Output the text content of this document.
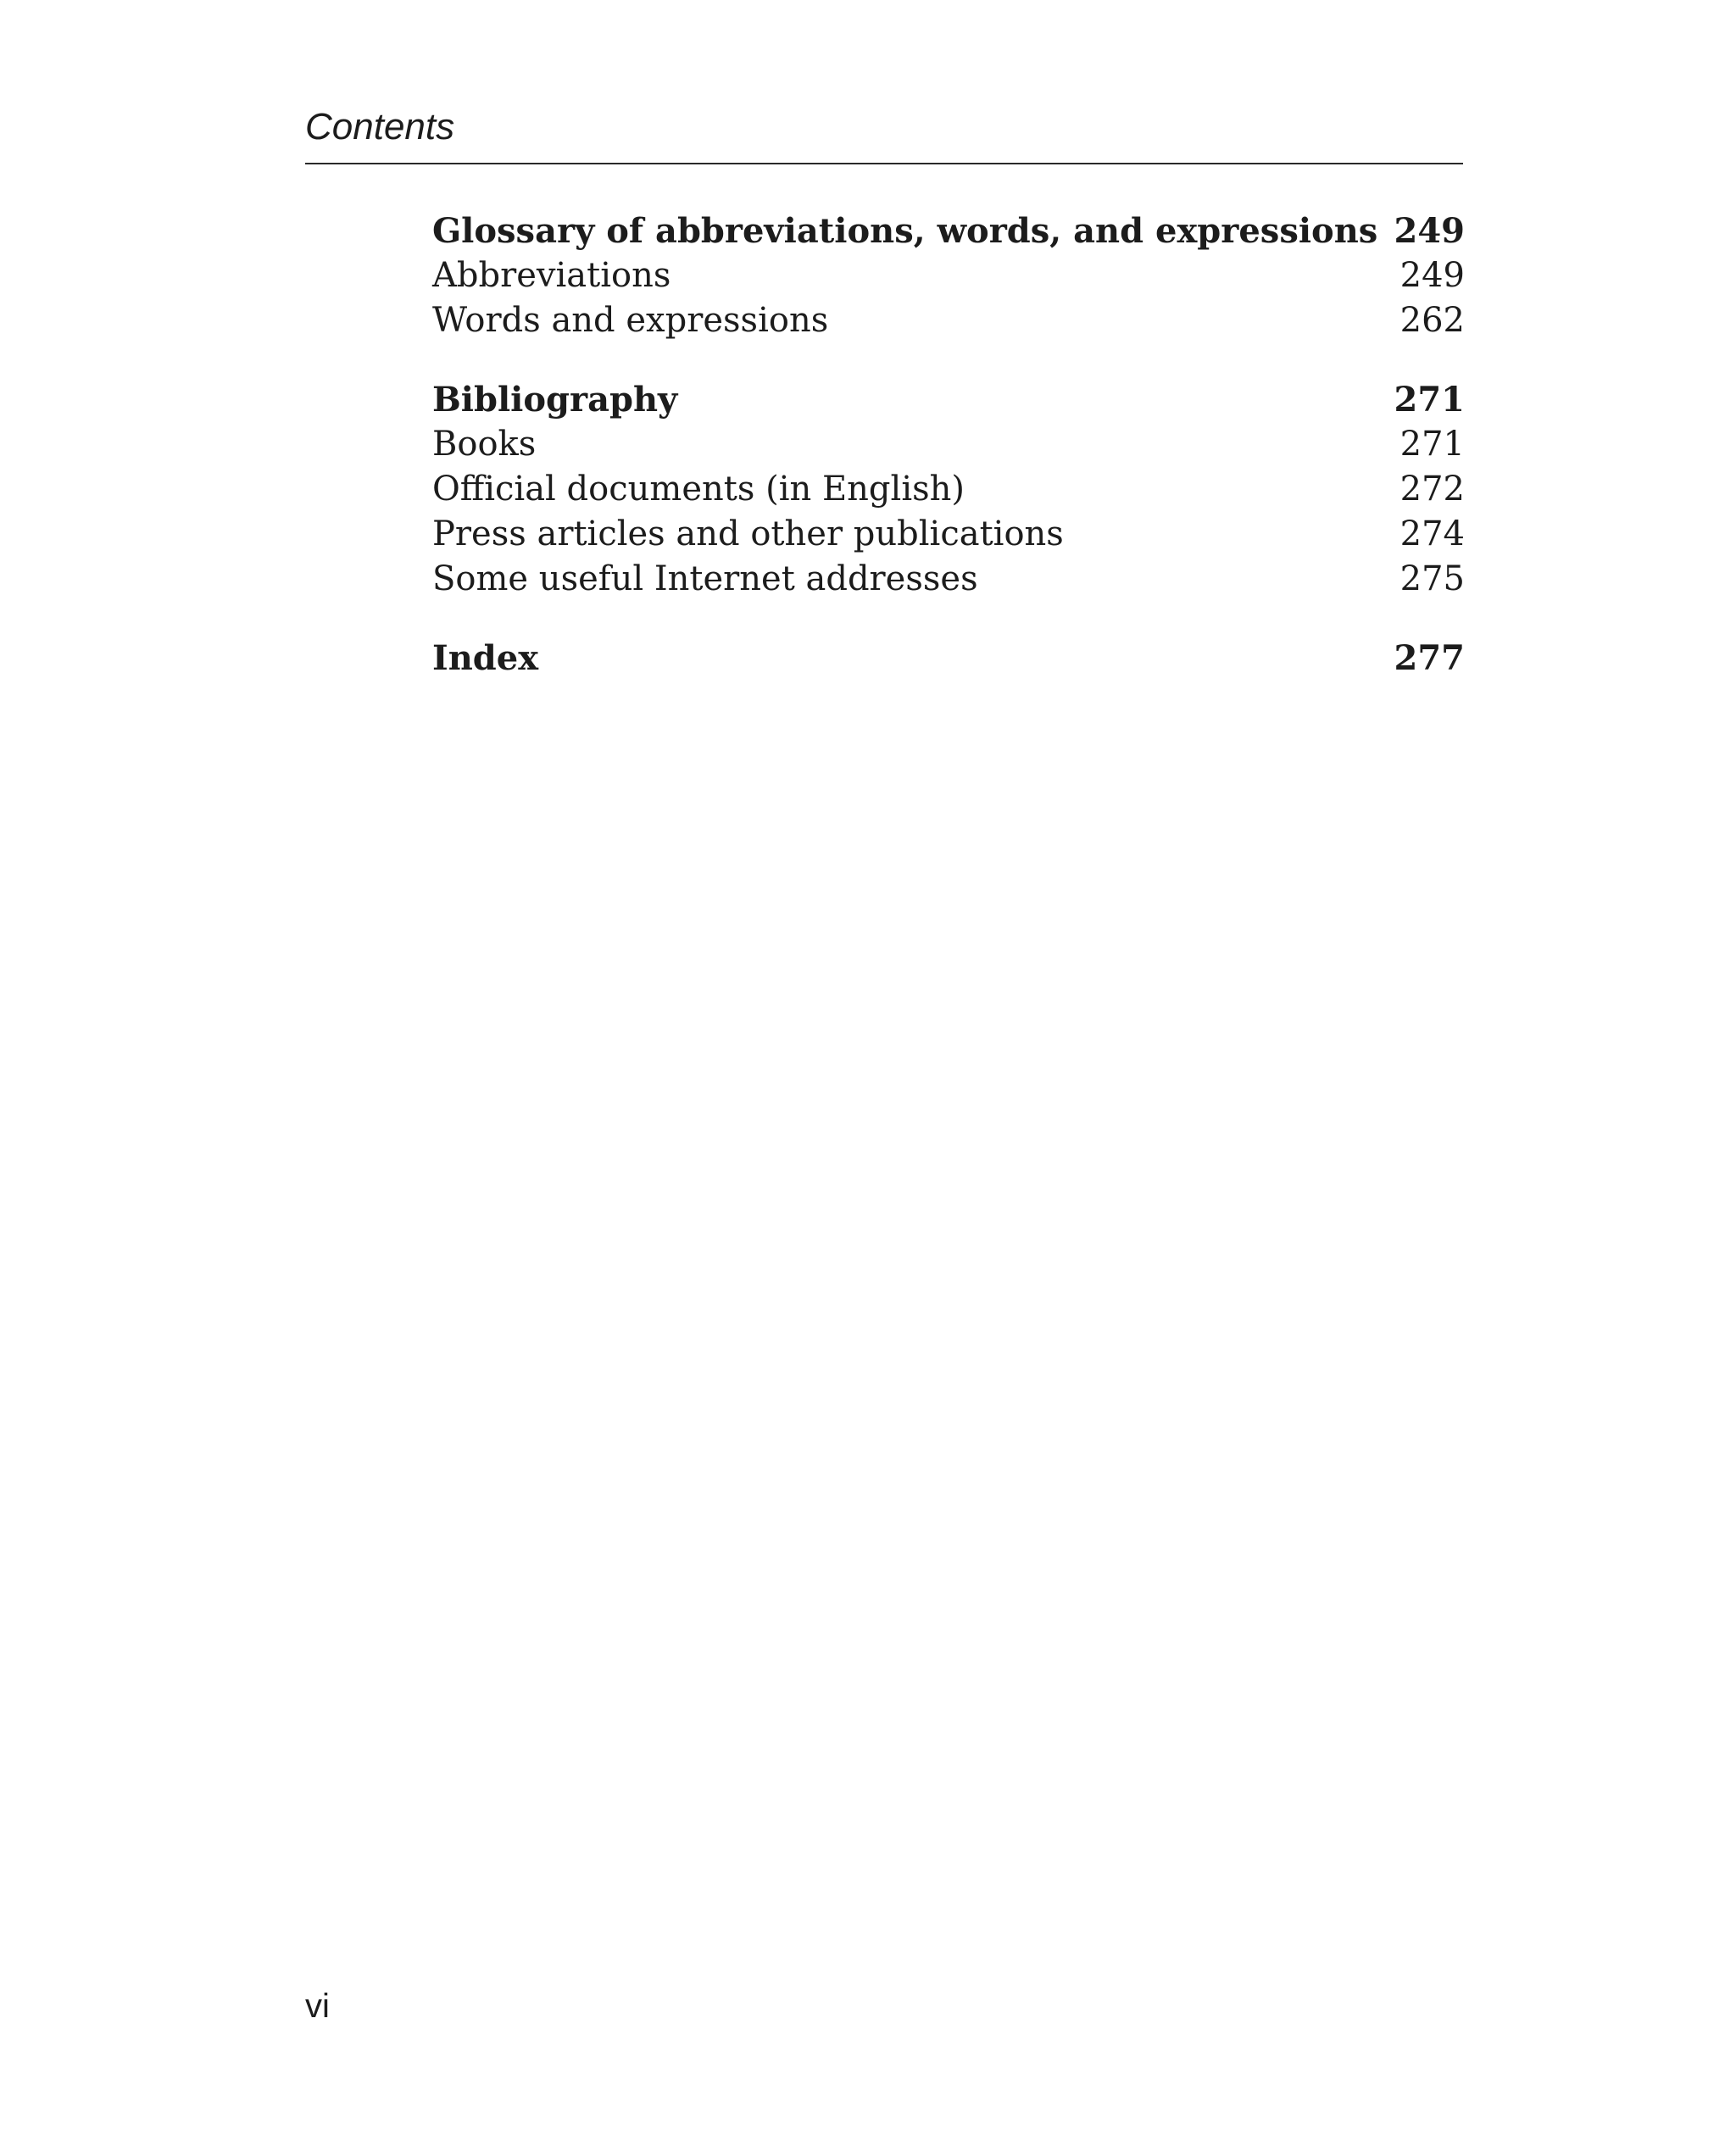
Contents
Glossary of abbreviations, words, and expressions 249
Abbreviations	249
Words and expressions	262
Bibliography	271
Books	271
Official documents (in English)	272
Press articles and other publications	274
Some useful Internet addresses	275
Index	277
vi
